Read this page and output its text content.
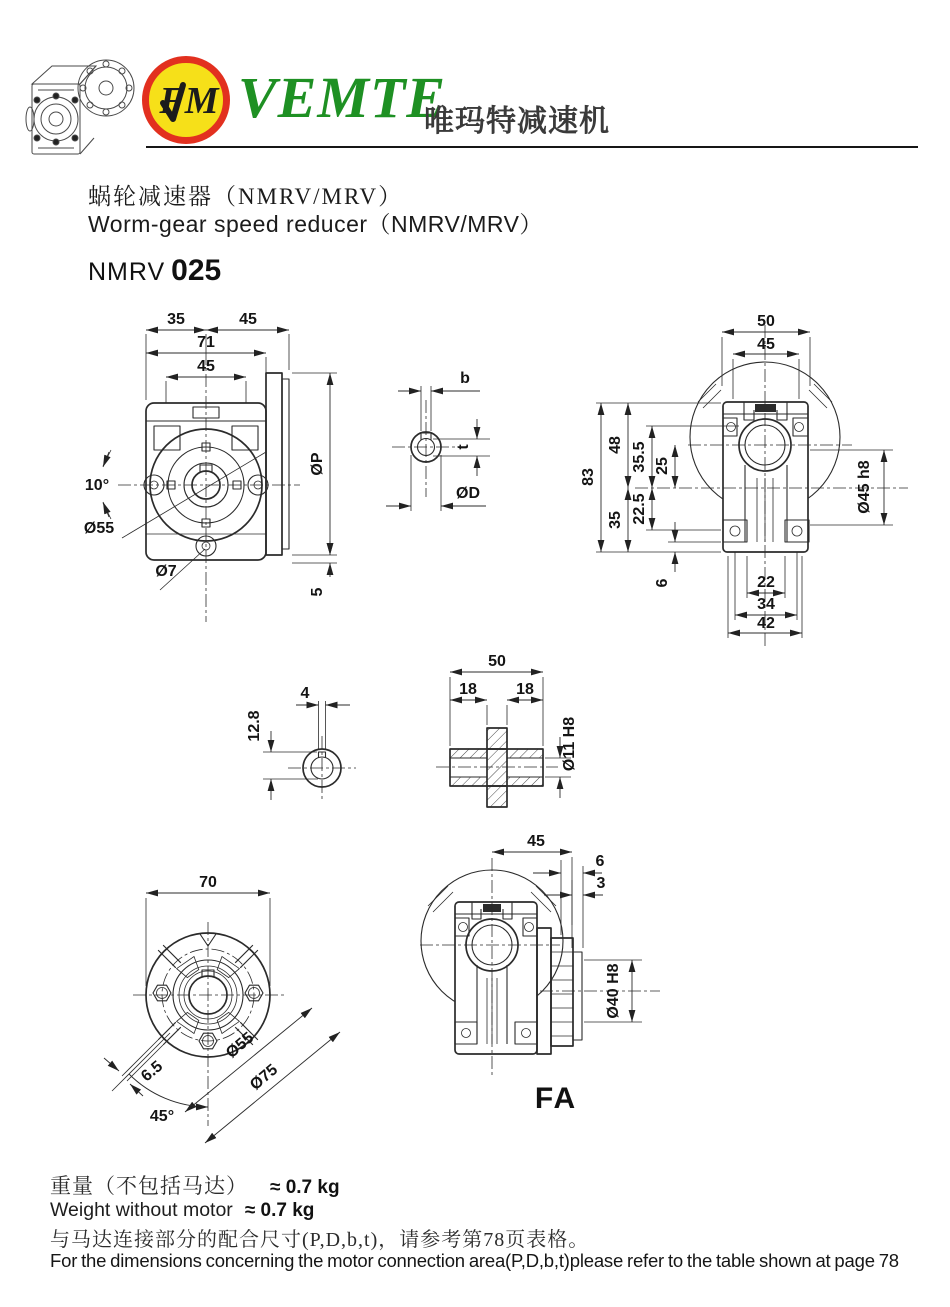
FM VEMTE
唯玛特减速机
蜗轮减速器（NMRV/MRV）
Worm-gear speed reducer（NMRV/MRV）
NMRV 025
35	45
71
45
ØP
5
10°
Ø55
Ø7
b
t
ØD
50
45
83
48
35
35.5
22.5
25
6
Ø45 h8
22
34
42
4
12.8
50
18 18
Ø11 H8
70
Ø55
Ø75
6.5
45°
45
6
3
Ø40 H8
FA
重量（不包括马达） ≈ 0.7 kg
Weight without motor ≈ 0.7 kg
与马达连接部分的配合尺寸(P,D,b,t)，请参考第78页表格。
For the dimensions concerning the motor connection area(P,D,b,t)please refer to the table shown at page 78
